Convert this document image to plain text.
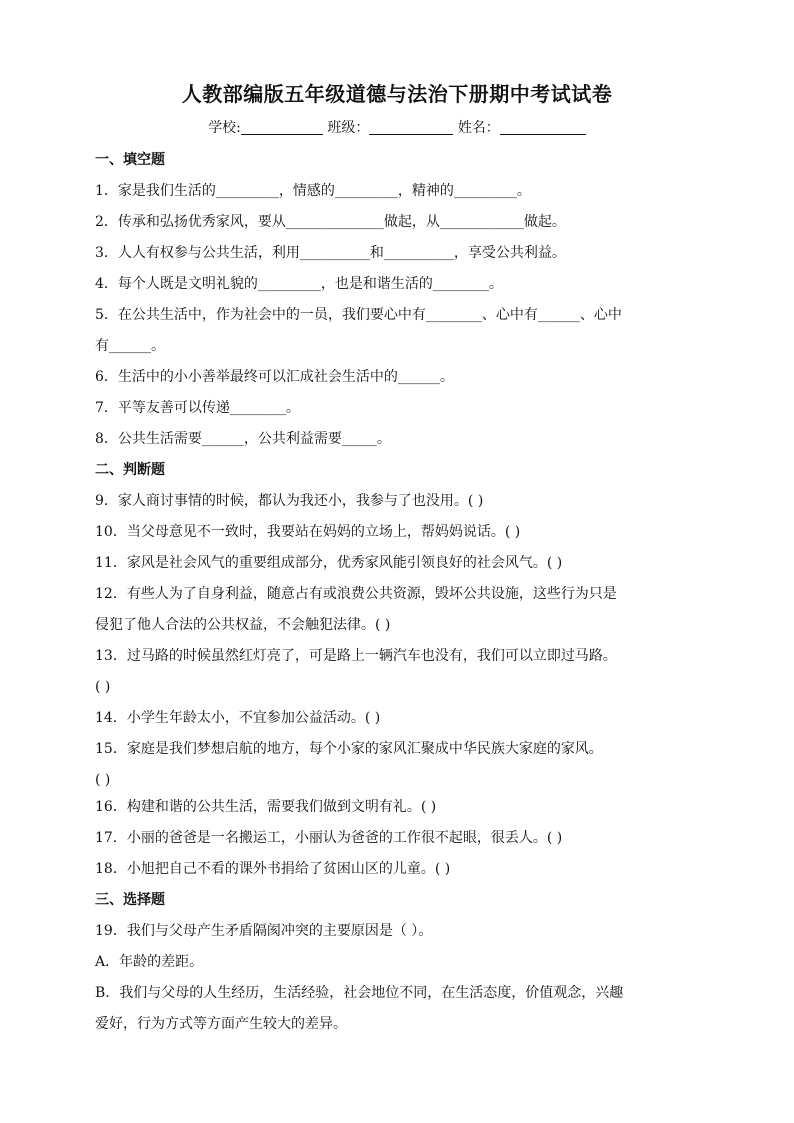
人教部编版五年级道德与法治下册期中考试试卷
学校:	班级：	姓名：
一、填空题
1．家是我们生活的_________，情感的_________，精神的_________。
2．传承和弘扬优秀家风，要从______________做起，从____________做起。
3．人人有权参与公共生活，利用__________和__________，享受公共利益。
4．每个人既是文明礼貌的_________，也是和谐生活的________。
5．在公共生活中，作为社会中的一员，我们要心中有________、心中有______、心中
有______。
6．生活中的小小善举最终可以汇成社会生活中的______。
7．平等友善可以传递________。
8．公共生活需要______，公共利益需要_____。
二、判断题
9．家人商讨事情的时候，都认为我还小，我参与了也没用。( )
10．当父母意见不一致时，我要站在妈妈的立场上，帮妈妈说话。( )
11．家风是社会风气的重要组成部分，优秀家风能引领良好的社会风气。( )
12．有些人为了自身利益，随意占有或浪费公共资源，毁坏公共设施，这些行为只是
侵犯了他人合法的公共权益，不会触犯法律。( )
13．过马路的时候虽然红灯亮了，可是路上一辆汽车也没有，我们可以立即过马路。
( )
14．小学生年龄太小，不宜参加公益活动。( )
15．家庭是我们梦想启航的地方，每个小家的家风汇聚成中华民族大家庭的家风。
( )
16．构建和谐的公共生活，需要我们做到文明有礼。( )
17．小丽的爸爸是一名搬运工，小丽认为爸爸的工作很不起眼，很丢人。( )
18．小旭把自己不看的课外书捐给了贫困山区的儿童。( )
三、选择题
19．我们与父母产生矛盾隔阂冲突的主要原因是（ ）。
A．年龄的差距。
B．我们与父母的人生经历，生活经验，社会地位不同，在生活态度，价值观念，兴趣
爱好，行为方式等方面产生较大的差异。
